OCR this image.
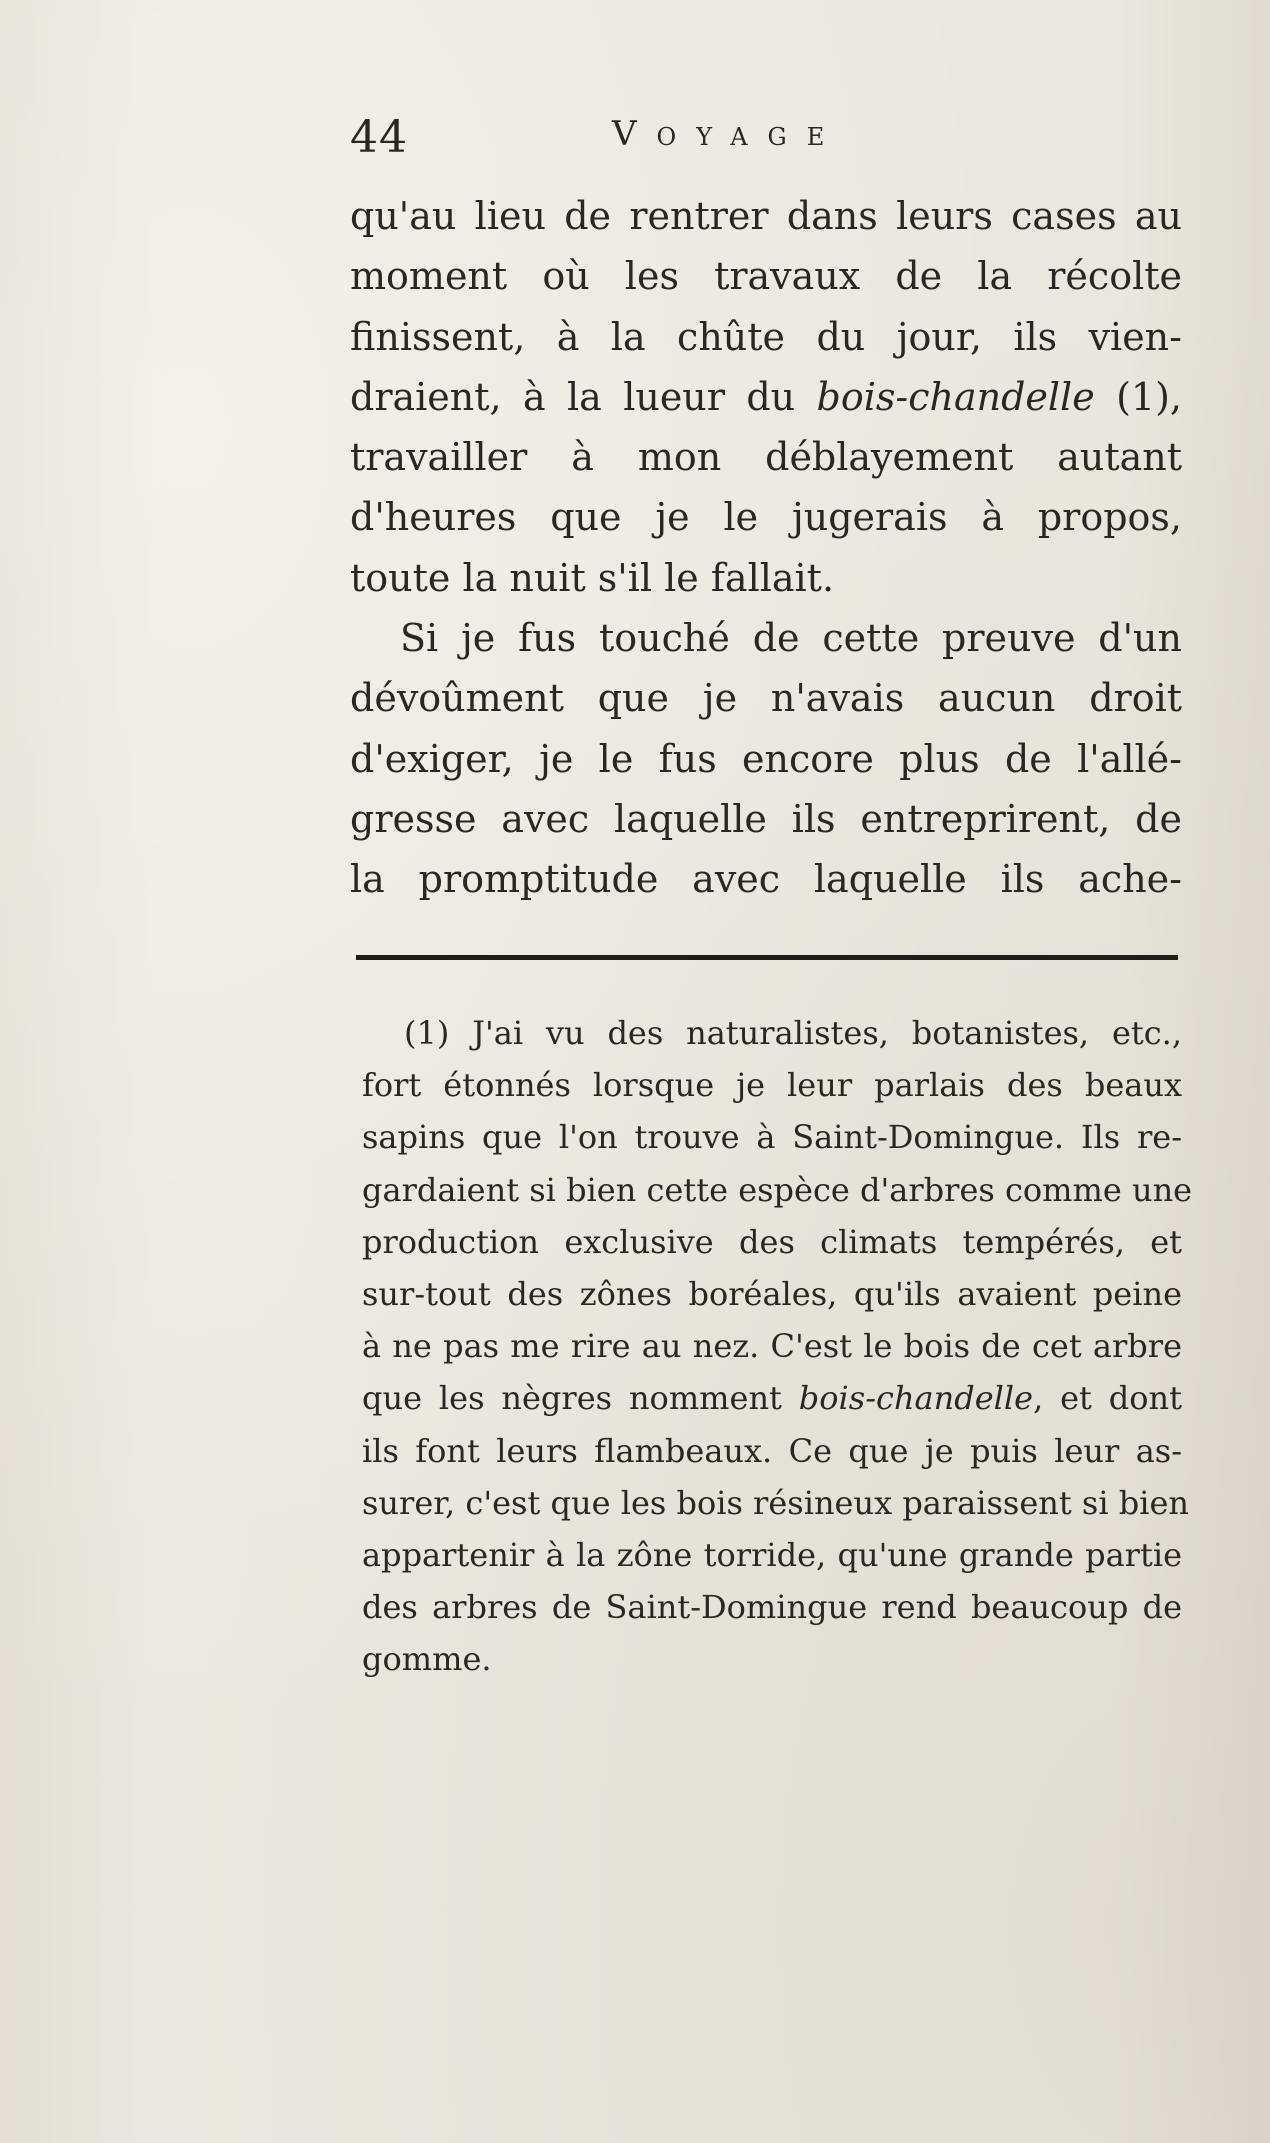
44	Voyage
qu'au lieu de rentrer dans leurs cases au
moment où les travaux de la récolte
finissent, à la chûte du jour, ils vien-
draient, à la lueur du bois-chandelle (1),
travailler à mon déblayement autant
d'heures que je le jugerais à propos,
toute la nuit s'il le fallait.
Si je fus touché de cette preuve d'un
dévoûment que je n'avais aucun droit
d'exiger, je le fus encore plus de l'allé-
gresse avec laquelle ils entreprirent, de
la promptitude avec laquelle ils ache-
(1) J'ai vu des naturalistes, botanistes, etc.,
fort étonnés lorsque je leur parlais des beaux
sapins que l'on trouve à Saint-Domingue. Ils re-
gardaient si bien cette espèce d'arbres comme une
production exclusive des climats tempérés, et
sur-tout des zônes boréales, qu'ils avaient peine
à ne pas me rire au nez. C'est le bois de cet arbre
que les nègres nomment bois-chandelle, et dont
ils font leurs flambeaux. Ce que je puis leur as-
surer, c'est que les bois résineux paraissent si bien
appartenir à la zône torride, qu'une grande partie
des arbres de Saint-Domingue rend beaucoup de
gomme.
